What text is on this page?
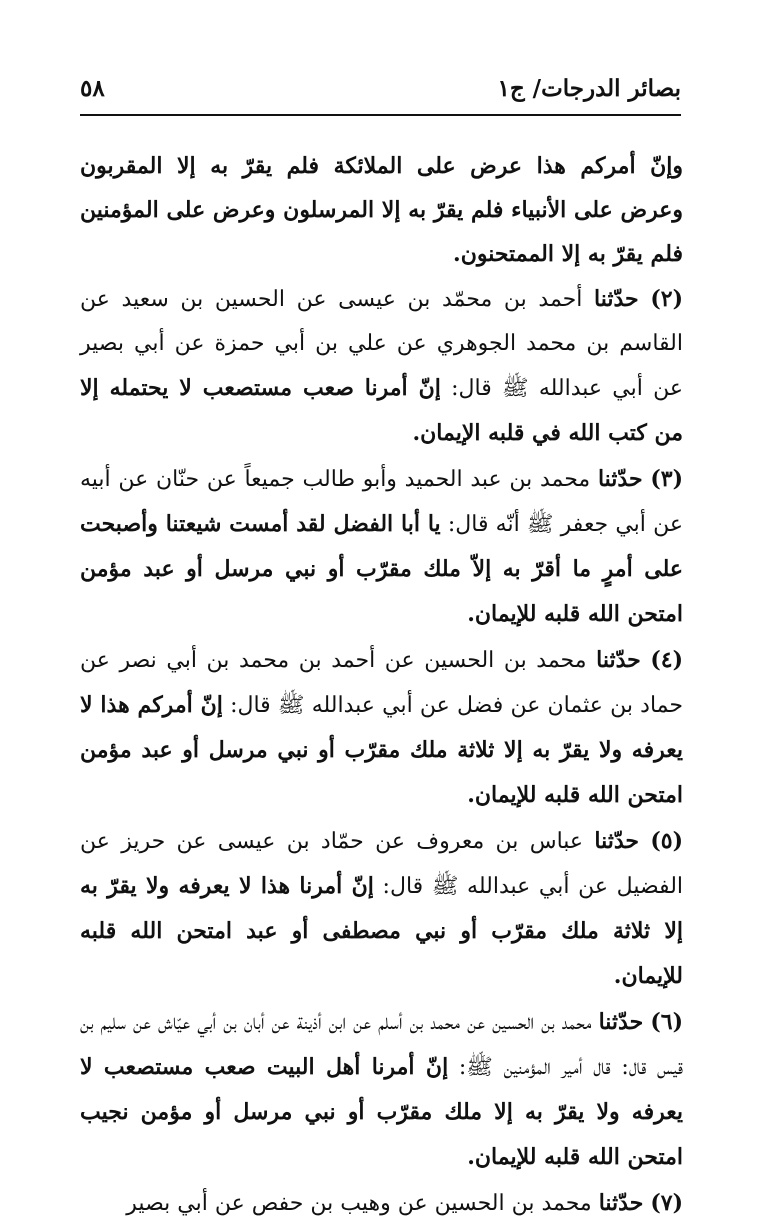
بصائر الدرجات/ ج١
٥٨

وإنّ أمركم هذا عرض على الملائكة فلم يقرّ به إلا المقربون وعرض على الأنبياء فلم يقرّ به إلا المرسلون وعرض على المؤمنين فلم يقرّ به إلا الممتحنون.

(٢) حدّثنا أحمد بن محمّد بن عيسى عن الحسين بن سعيد عن القاسم بن محمد الجوهري عن علي بن أبي حمزة عن أبي بصير عن أبي عبدالله ﷺ قال: إنّ أمرنا صعب مستصعب لا يحتمله إلا من كتب الله في قلبه الإيمان.

(٣) حدّثنا محمد بن عبد الحميد وأبو طالب جميعاً عن حنّان عن أبيه عن أبي جعفر ﷺ أنّه قال: يا أبا الفضل لقد أمست شيعتنا وأصبحت على أمرٍ ما أقرّ به إلاّ ملك مقرّب أو نبي مرسل أو عبد مؤمن امتحن الله قلبه للإيمان.

(٤) حدّثنا محمد بن الحسين عن أحمد بن محمد بن أبي نصر عن حماد بن عثمان عن فضل عن أبي عبدالله ﷺ قال: إنّ أمركم هذا لا يعرفه ولا يقرّ به إلا ثلاثة ملك مقرّب أو نبي مرسل أو عبد مؤمن امتحن الله قلبه للإيمان.

(٥) حدّثنا عباس بن معروف عن حمّاد بن عيسى عن حريز عن الفضيل عن أبي عبدالله ﷺ قال: إنّ أمرنا هذا لا يعرفه ولا يقرّ به إلا ثلاثة ملك مقرّب أو نبي مصطفى أو عبد امتحن الله قلبه للإيمان.

(٦) حدّثنا محمد بن الحسين عن محمد بن أسلم عن ابن أذينة عن أبان بن أبي عيّاش عن سليم بن قيس قال: قال أمير المؤمنين ﷺ: إنّ أمرنا أهل البيت صعب مستصعب لا يعرفه ولا يقرّ به إلا ملك مقرّب أو نبي مرسل أو مؤمن نجيب امتحن الله قلبه للإيمان.

(٧) حدّثنا محمد بن الحسين عن وهيب بن حفص عن أبي بصير
